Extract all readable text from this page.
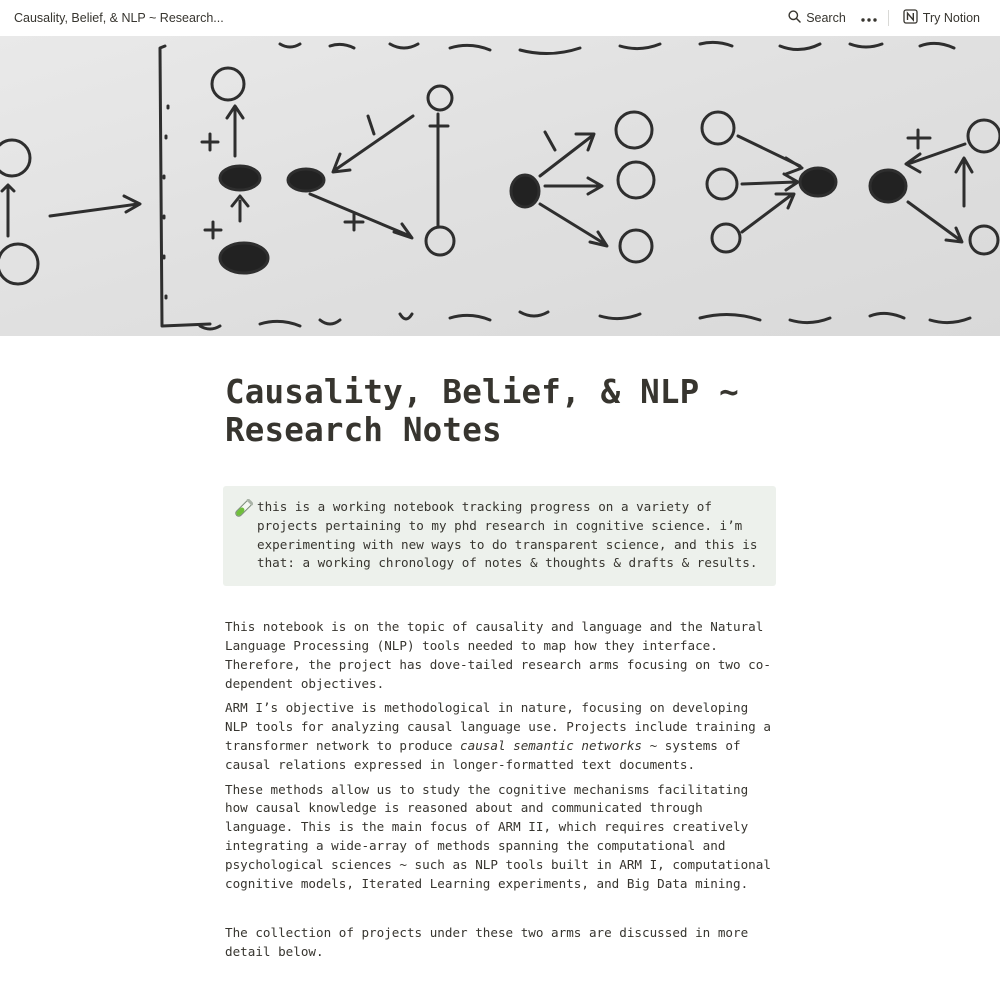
Causality, Belief, & NLP ~ Research...	Search	Try Notion
Causality, Belief, & NLP ~
Research Notes
this is a working notebook tracking progress on a variety of projects pertaining to my phd research in cognitive science. i’m experimenting with new ways to do transparent science, and this is that: a working chronology of notes & thoughts & drafts & results.

This notebook is on the topic of causality and language and the Natural Language Processing (NLP) tools needed to map how they interface. Therefore, the project has dove-tailed research arms focusing on two co-dependent objectives.

ARM I’s objective is methodological in nature, focusing on developing NLP tools for analyzing causal language use. Projects include training a transformer network to produce causal semantic networks ~ systems of causal relations expressed in longer-formatted text documents.

These methods allow us to study the cognitive mechanisms facilitating how causal knowledge is reasoned about and communicated through language. This is the main focus of ARM II, which requires creatively integrating a wide-array of methods spanning the computational and psychological sciences ~ such as NLP tools built in ARM I, computational cognitive models, Iterated Learning experiments, and Big Data mining.

The collection of projects under these two arms are discussed in more detail below.
